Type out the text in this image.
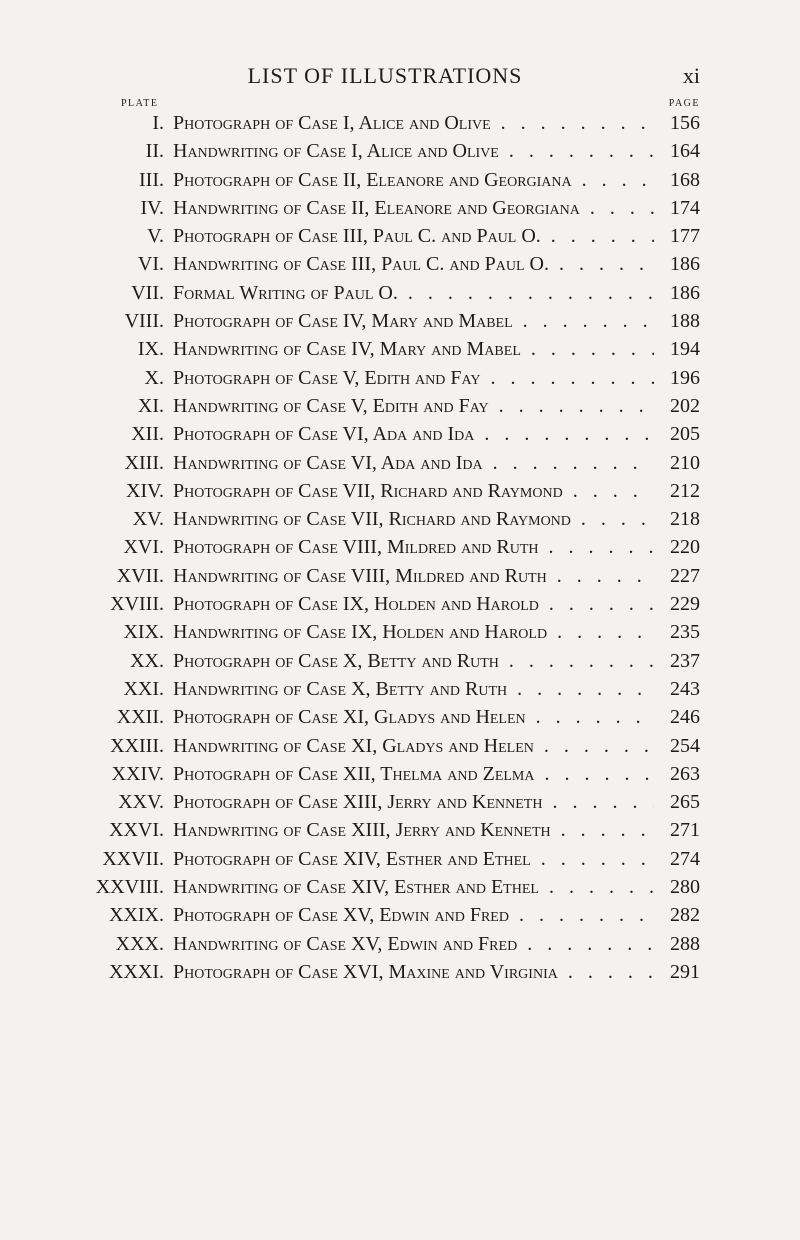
LIST OF ILLUSTRATIONS	xi
PLATE	PAGE
I. Photograph of Case I, Alice and Olive . . .	156
II. Handwriting of Case I, Alice and Olive . . .	164
III. Photograph of Case II, Eleanore and Georgiana . . .	168
IV. Handwriting of Case II, Eleanore and Georgiana . . .	174
V. Photograph of Case III, Paul C. and Paul O. . . .	177
VI. Handwriting of Case III, Paul C. and Paul O. . . .	186
VII. Formal Writing of Paul O. . . .	186
VIII. Photograph of Case IV, Mary and Mabel . . .	188
IX. Handwriting of Case IV, Mary and Mabel . . .	194
X. Photograph of Case V, Edith and Fay . . .	196
XI. Handwriting of Case V, Edith and Fay . . .	202
XII. Photograph of Case VI, Ada and Ida . . .	205
XIII. Handwriting of Case VI, Ada and Ida . . .	210
XIV. Photograph of Case VII, Richard and Raymond . . .	212
XV. Handwriting of Case VII, Richard and Raymond . . .	218
XVI. Photograph of Case VIII, Mildred and Ruth . . .	220
XVII. Handwriting of Case VIII, Mildred and Ruth . . .	227
XVIII. Photograph of Case IX, Holden and Harold . . .	229
XIX. Handwriting of Case IX, Holden and Harold . . .	235
XX. Photograph of Case X, Betty and Ruth . . .	237
XXI. Handwriting of Case X, Betty and Ruth . . .	243
XXII. Photograph of Case XI, Gladys and Helen . . .	246
XXIII. Handwriting of Case XI, Gladys and Helen . . .	254
XXIV. Photograph of Case XII, Thelma and Zelma . . .	263
XXV. Photograph of Case XIII, Jerry and Kenneth . . .	265
XXVI. Handwriting of Case XIII, Jerry and Kenneth . . .	271
XXVII. Photograph of Case XIV, Esther and Ethel . . .	274
XXVIII. Handwriting of Case XIV, Esther and Ethel . . .	280
XXIX. Photograph of Case XV, Edwin and Fred . . .	282
XXX. Handwriting of Case XV, Edwin and Fred . . .	288
XXXI. Photograph of Case XVI, Maxine and Virginia . . .	291
